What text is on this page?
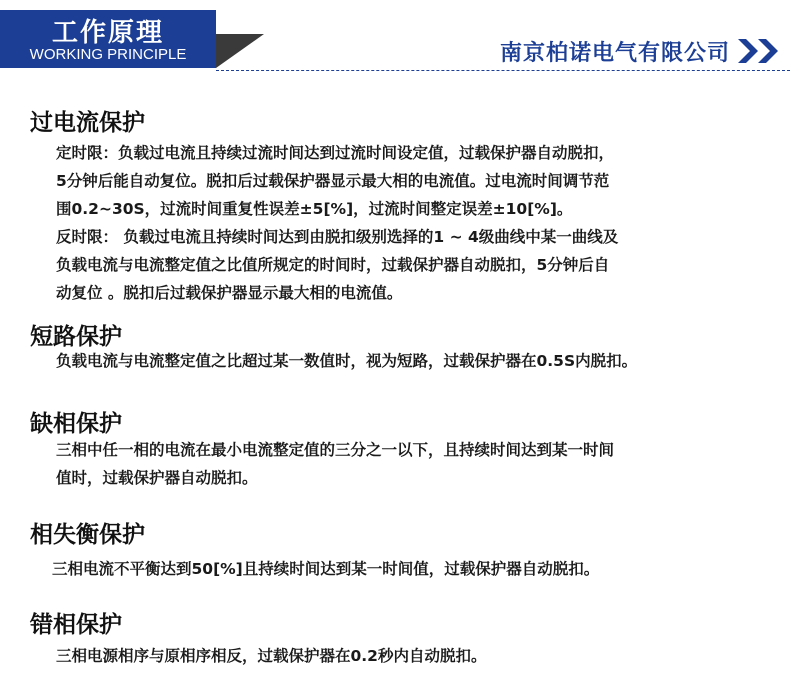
工作原理
WORKING PRINCIPLE	南京柏诺电气有限公司
过电流保护

定时限：负载过电流且持续过流时间达到过流时间设定值，过载保护器自动脱扣，

5分钟后能自动复位。脱扣后过载保护器显示最大相的电流值。过电流时间调节范

围0.2~30S，过流时间重复性误差±5[%]，过流时间整定误差±10[%]。

反时限： 负载过电流且持续时间达到由脱扣级别选择的1 ~ 4级曲线中某一曲线及

负载电流与电流整定值之比值所规定的时间时，过载保护器自动脱扣，5分钟后自

动复位 。脱扣后过载保护器显示最大相的电流值。

短路保护

负载电流与电流整定值之比超过某一数值时，视为短路，过载保护器在0.5S内脱扣。

缺相保护

三相中任一相的电流在最小电流整定值的三分之一以下，且持续时间达到某一时间

值时，过载保护器自动脱扣。

相失衡保护

三相电流不平衡达到50[%]且持续时间达到某一时间值，过载保护器自动脱扣。

错相保护

三相电源相序与原相序相反，过载保护器在0.2秒内自动脱扣。
